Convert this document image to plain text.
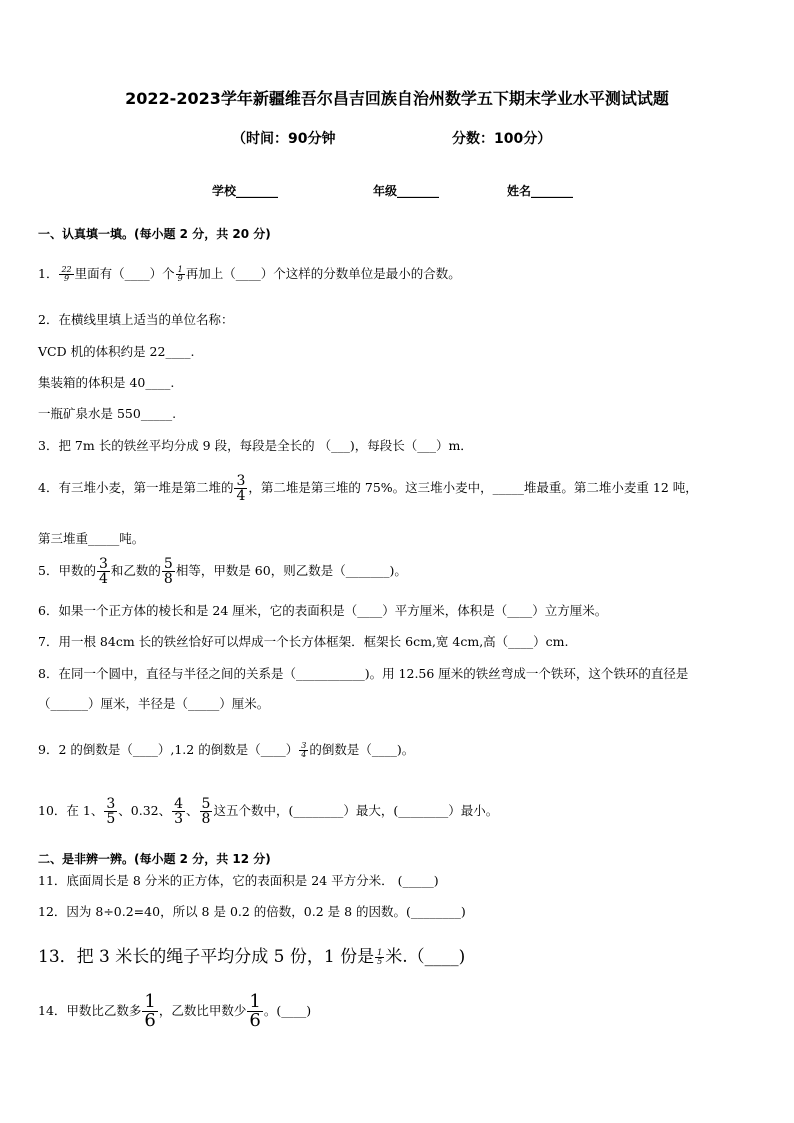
2022-2023学年新疆维吾尔昌吉回族自治州数学五下期末学业水平测试试题
（时间：90分钟	分数：100分）
学校_______	年级_______	姓名_______
一、认真填一填。(每小题 2 分，共 20 分)
1． $\frac{22}{9}$ 里面有（____）个 $\frac{1}{9}$ 再加上（____）个这样的分数单位是最小的合数。
2．在横线里填上适当的单位名称：
VCD 机的体积约是 22____.
集装箱的体积是 40____.
一瓶矿泉水是 550_____.
3．把 7m 长的铁丝平均分成 9 段，每段是全长的 （___)，每段长（___）m．
4．有三堆小麦，第一堆是第二堆的 $\frac{3}{4}$ ，第二堆是第三堆的 75%。这三堆小麦中，_____堆最重。第二堆小麦重 12 吨，
第三堆重_____吨。
5．甲数的 $\frac{3}{4}$ 和乙数的 $\frac{5}{8}$ 相等，甲数是 60，则乙数是（_______)。
6．如果一个正方体的棱长和是 24 厘米，它的表面积是（____）平方厘米，体积是（____）立方厘米。
7．用一根 84cm 长的铁丝恰好可以焊成一个长方体框架．框架长 6cm,宽 4cm,高（____）cm.
8．在同一个圆中，直径与半径之间的关系是（___________)。用 12.56 厘米的铁丝弯成一个铁环，这个铁环的直径是
（______）厘米，半径是（_____）厘米。
9．2 的倒数是（____）,1.2 的倒数是（____） $\frac{3}{4}$ 的倒数是（____)。
10．在 1、 $\frac{3}{5}$ 、0.32、 $\frac{4}{3}$ 、 $\frac{5}{8}$ 这五个数中，(________）最大，(________）最小。
二、是非辨一辨。(每小题 2 分，共 12 分)
11．底面周长是 8 分米的正方体，它的表面积是 24 平方分米． (_____)
12．因为 8÷0.2=40，所以 8 是 0.2 的倍数，0.2 是 8 的因数。(________)
13．把 3 米长的绳子平均分成 5 份，1 份是 $\frac{1}{5}$ 米.（____)
14．甲数比乙数多 $\frac{1}{6}$ ，乙数比甲数少 $\frac{1}{6}$ 。(____)
